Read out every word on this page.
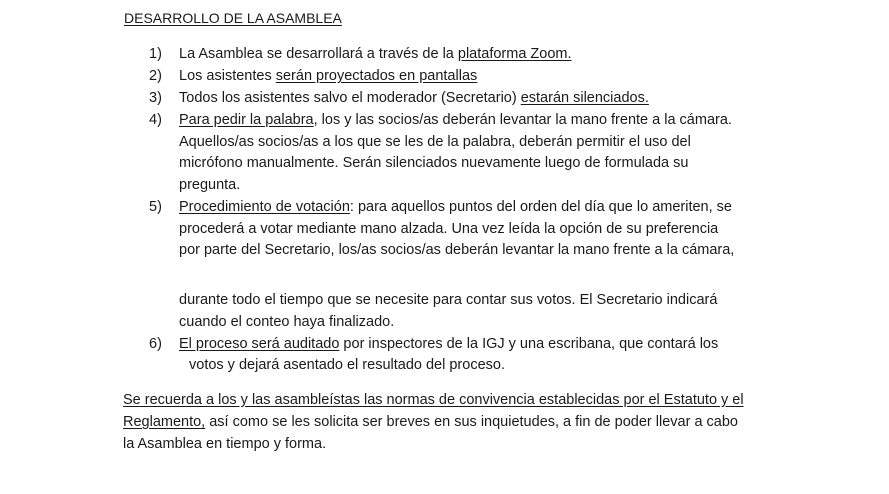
DESARROLLO DE LA ASAMBLEA
1)	La Asamblea se desarrollará a través de la plataforma Zoom.
2)	Los asistentes serán proyectados en pantallas
3)	Todos los asistentes salvo el moderador (Secretario) estarán silenciados.
4)	Para pedir la palabra, los y las socios/as deberán levantar la mano frente a la cámara.
Aquellos/as socios/as a los que se les de la palabra, deberán permitir el uso del
micrófono manualmente. Serán silenciados nuevamente luego de formulada su
pregunta.
5)	Procedimiento de votación: para aquellos puntos del orden del día que lo ameriten, se
procederá a votar mediante mano alzada. Una vez leída la opción de su preferencia
por parte del Secretario, los/as socios/as deberán levantar la mano frente a la cámara,
durante todo el tiempo que se necesite para contar sus votos. El Secretario indicará
cuando el conteo haya finalizado.
6)	El proceso será auditado por inspectores de la IGJ y una escribana, que contará los
votos y dejará asentado el resultado del proceso.
Se recuerda a los y las asambleístas las normas de convivencia establecidas por el Estatuto y el
Reglamento, así como se les solicita ser breves en sus inquietudes, a fin de poder llevar a cabo
la Asamblea en tiempo y forma.
